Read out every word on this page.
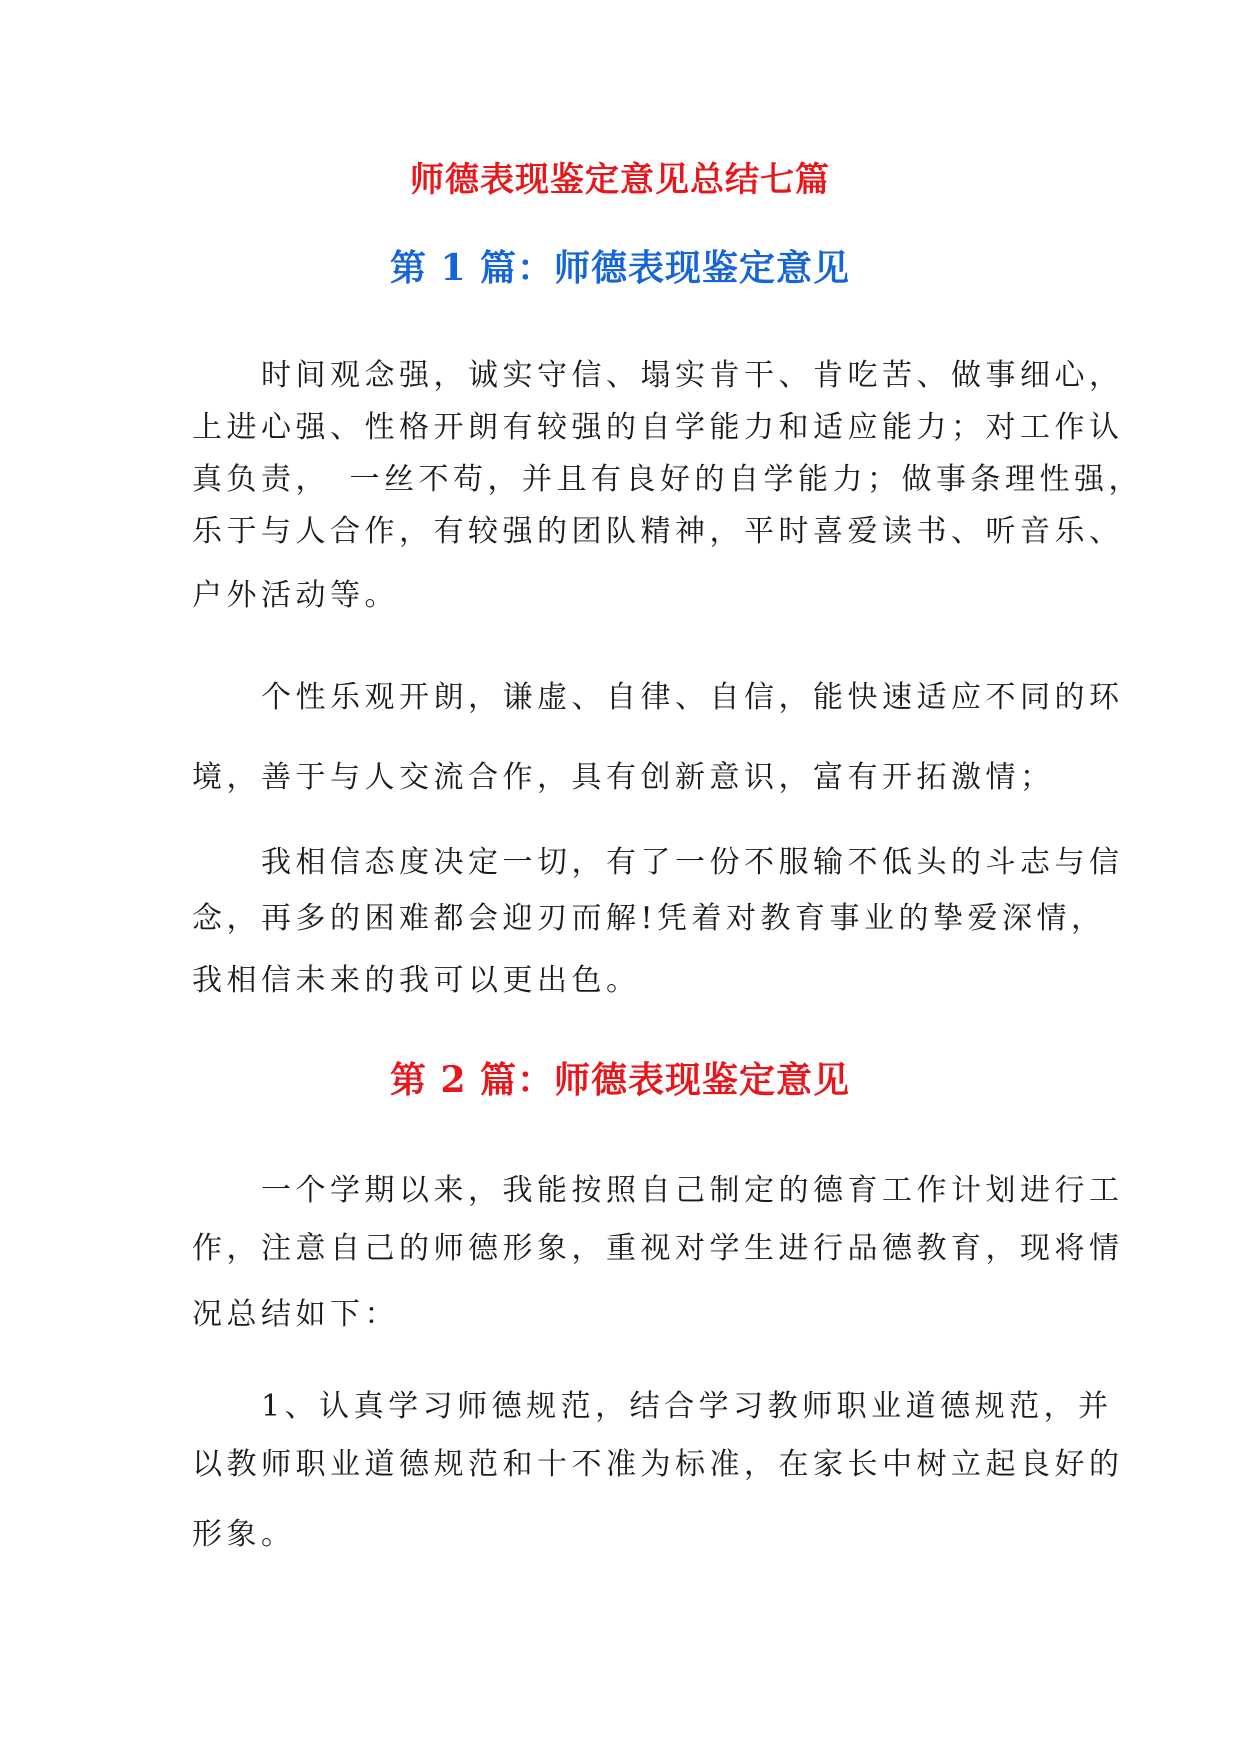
师德表现鉴定意见总结七篇
第 1 篇：师德表现鉴定意见
　　时间观念强，诚实守信、塌实肯干、肯吃苦、做事细心，
上进心强、性格开朗有较强的自学能力和适应能力；对工作认
真负责，　一丝不苟，并且有良好的自学能力；做事条理性强，
乐于与人合作，有较强的团队精神，平时喜爱读书、听音乐、
户外活动等。
　　个性乐观开朗，谦虚、自律、自信，能快速适应不同的环
境，善于与人交流合作，具有创新意识，富有开拓激情；
　　我相信态度决定一切，有了一份不服输不低头的斗志与信
念，再多的困难都会迎刃而解!凭着对教育事业的挚爱深情，
我相信未来的我可以更出色。
第 2 篇：师德表现鉴定意见
　　一个学期以来，我能按照自己制定的德育工作计划进行工
作，注意自己的师德形象，重视对学生进行品德教育，现将情
况总结如下：
　　1、认真学习师德规范，结合学习教师职业道德规范，并
以教师职业道德规范和十不准为标准，在家长中树立起良好的
形象。
